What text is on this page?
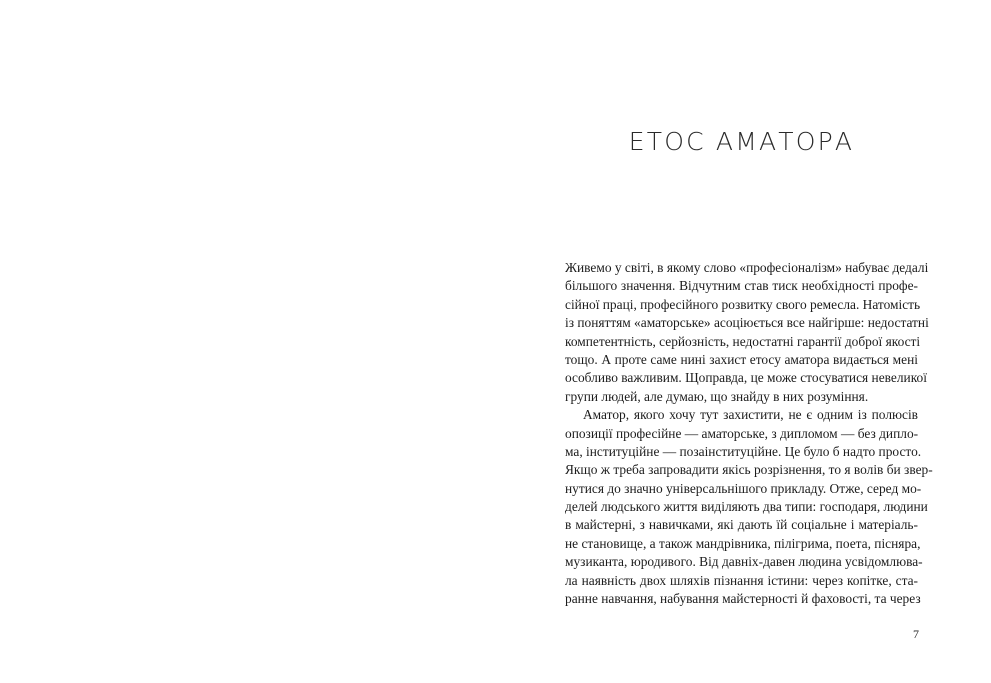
ЕТОС АМАТОРА
Живемо у світі, в якому слово «професіоналізм» набуває дедалі
більшого значення. Відчутним став тиск необхідності профе-
сійної праці, професійного розвитку свого ремесла. Натомість
із поняттям «аматорське» асоціюється все найгірше: недостатні
компетентність, серйозність, недостатні гарантії доброї якості
тощо. А проте саме нині захист етосу аматора видається мені
особливо важливим. Щоправда, це може стосуватися невеликої
групи людей, але думаю, що знайду в них розуміння.
Аматор, якого хочу тут захистити, не є одним із полюсів
опозиції професійне — аматорське, з дипломом — без дипло-
ма, інституційне — позаінституційне. Це було б надто просто.
Якщо ж треба запровадити якісь розрізнення, то я волів би звер-
нутися до значно універсальнішого прикладу. Отже, серед мо-
делей людського життя виділяють два типи: господаря, людини
в майстерні, з навичками, які дають їй соціальне і матеріаль-
не становище, а також мандрівника, пілігрима, поета, пісняра,
музиканта, юродивого. Від давніх-давен людина усвідомлюва-
ла наявність двох шляхів пізнання істини: через копітке, ста-
ранне навчання, набування майстерності й фаховості, та через

7
